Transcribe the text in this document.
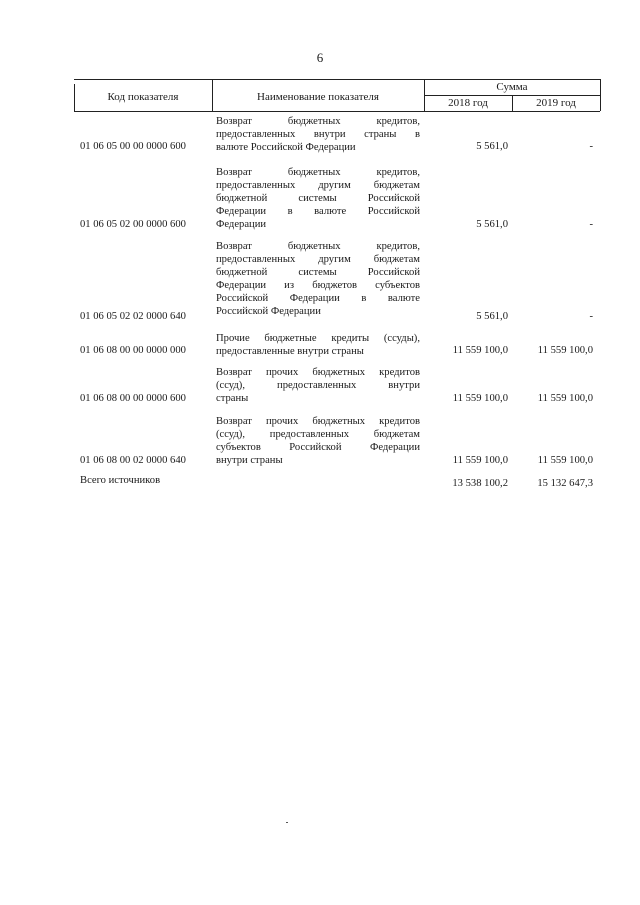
6
Код показателя	Наименование показателя
Сумма
2018 год	2019 год
01 06 05 00 00 0000 600
Возврат бюджетных кредитов,
предоставленных внутри страны в
валюте Российской Федерации	5 561,0	-
01 06 05 02 00 0000 600
Возврат бюджетных кредитов,
предоставленных другим бюджетам
бюджетной системы Российской
Федерации в валюте Российской
Федерации	5 561,0	-
01 06 05 02 02 0000 640
Возврат бюджетных кредитов,
предоставленных другим бюджетам
бюджетной системы Российской
Федерации из бюджетов субъектов
Российской Федерации в валюте
Российской Федерации	5 561,0	-
01 06 08 00 00 0000 000
Прочие бюджетные кредиты (ссуды),
предоставленные внутри страны	11 559 100,0	11 559 100,0
01 06 08 00 00 0000 600
Возврат прочих бюджетных кредитов
(ссуд), предоставленных внутри
страны	11 559 100,0	11 559 100,0
01 06 08 00 02 0000 640
Возврат прочих бюджетных кредитов
(ссуд), предоставленных бюджетам
субъектов Российской Федерации
внутри страны	11 559 100,0	11 559 100,0
Всего источников	13 538 100,2	15 132 647,3
